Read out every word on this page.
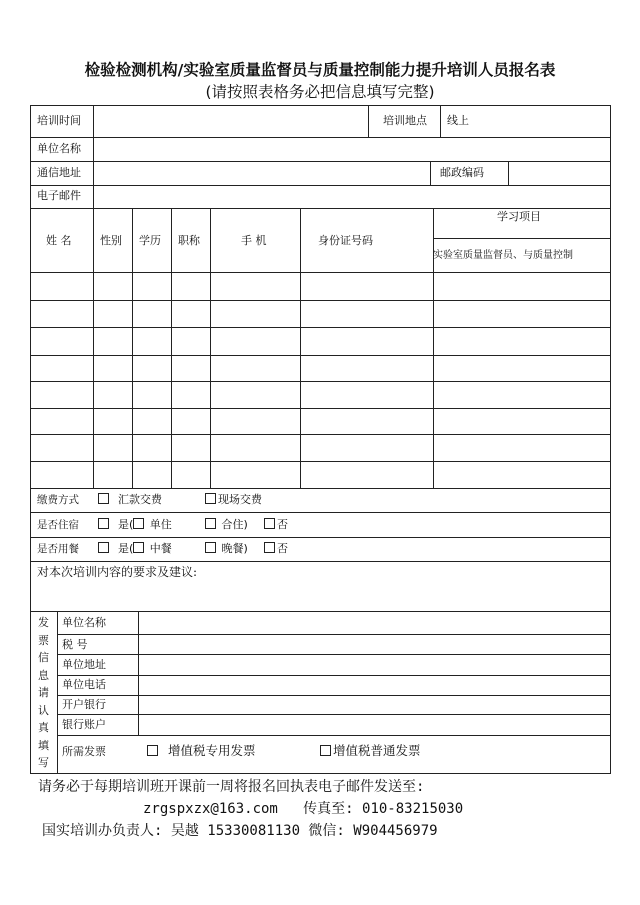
检验检测机构/实验室质量监督员与质量控制能力提升培训人员报名表
(请按照表格务必把信息填写完整)
培训时间	培训地点 线上
单位名称
通信地址	邮政编码
电子邮件
姓 名	性别 学历 职称	手 机	身份证号码
学习项目
实验室质量监督员、与质量控制
缴费方式	汇款交费	现场交费
是否住宿	是( 单住	合住)	否
是否用餐	是( 中餐	晚餐)	否
对本次培训内容的要求及建议:
发
票
信
息
请
认
真
填
写
单位名称
税 号
单位地址
单位电话
开户银行
银行账户
所需发票	增值税专用发票	增值税普通发票
请务必于每期培训班开课前一周将报名回执表电子邮件发送至:
zrgspxzx@163.com 传真至: 010-83215030
国实培训办负责人: 吴越 15330081130 微信: W904456979
